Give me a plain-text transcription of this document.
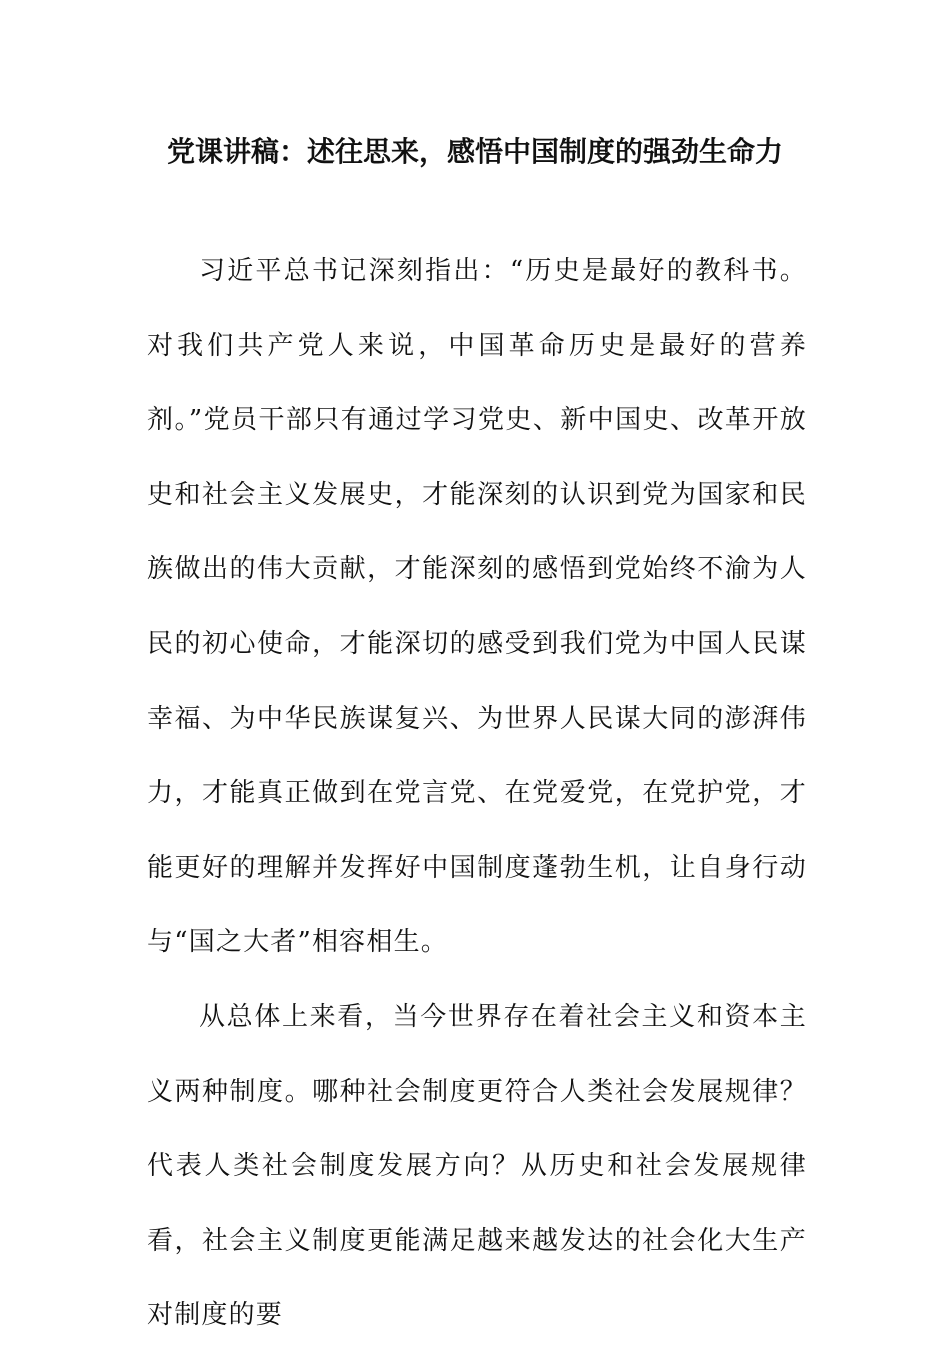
党课讲稿：述往思来，感悟中国制度的强劲生命力

习近平总书记深刻指出：“历史是最好的教科书。对我们共产党人来说，中国革命历史是最好的营养剂。”党员干部只有通过学习党史、新中国史、改革开放史和社会主义发展史，才能深刻的认识到党为国家和民族做出的伟大贡献，才能深刻的感悟到党始终不渝为人民的初心使命，才能深切的感受到我们党为中国人民谋幸福、为中华民族谋复兴、为世界人民谋大同的澎湃伟力，才能真正做到在党言党、在党爱党，在党护党，才能更好的理解并发挥好中国制度蓬勃生机，让自身行动与“国之大者”相容相生。

从总体上来看，当今世界存在着社会主义和资本主义两种制度。哪种社会制度更符合人类社会发展规律？代表人类社会制度发展方向？从历史和社会发展规律看，社会主义制度更能满足越来越发达的社会化大生产对制度的要
